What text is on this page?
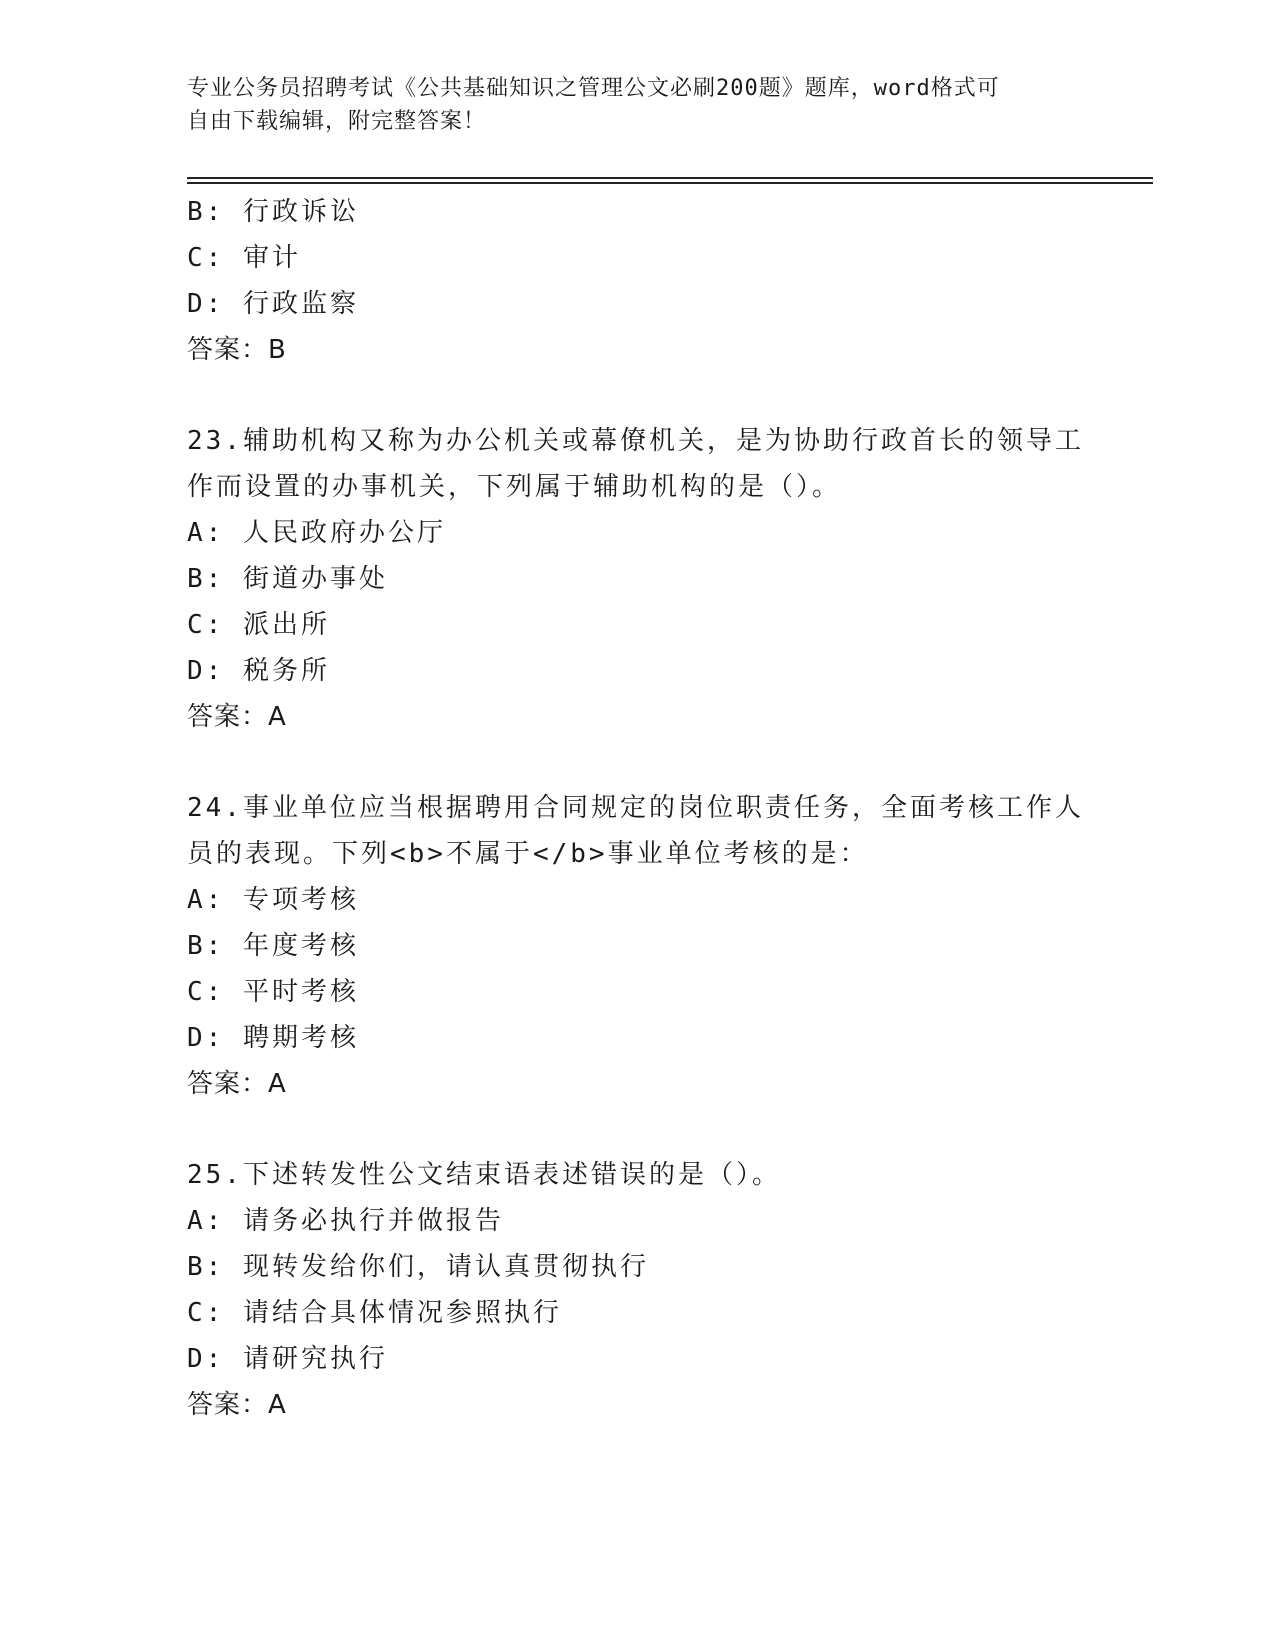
专业公务员招聘考试《公共基础知识之管理公文必刷200题》题库，word格式可
自由下载编辑，附完整答案！
B: 行政诉讼
C: 审计
D: 行政监察
答案：B
23.辅助机构又称为办公机关或幕僚机关，是为协助行政首长的领导工
作而设置的办事机关，下列属于辅助机构的是（）。
A: 人民政府办公厅
B: 街道办事处
C: 派出所
D: 税务所
答案：A
24.事业单位应当根据聘用合同规定的岗位职责任务，全面考核工作人
员的表现。下列<b>不属于</b>事业单位考核的是：
A: 专项考核
B: 年度考核
C: 平时考核
D: 聘期考核
答案：A
25.下述转发性公文结束语表述错误的是（）。
A: 请务必执行并做报告
B: 现转发给你们，请认真贯彻执行
C: 请结合具体情况参照执行
D: 请研究执行
答案：A
